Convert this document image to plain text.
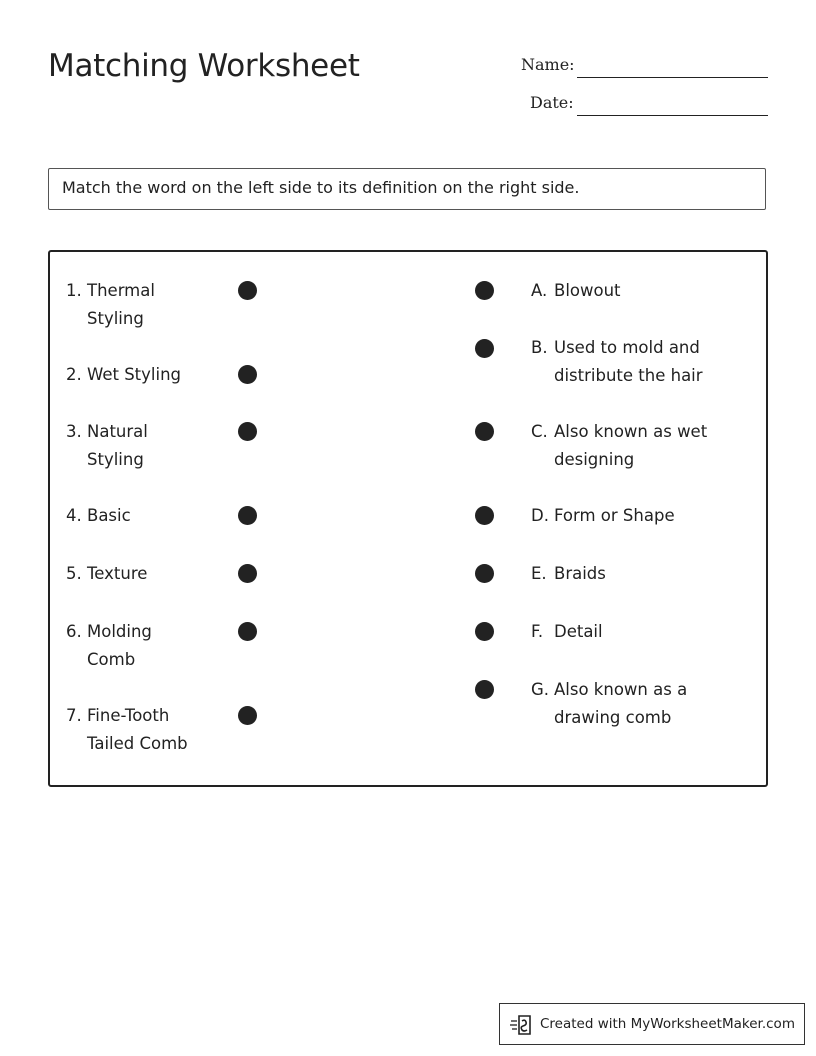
Matching Worksheet	Name:
Date:
Match the word on the left side to its definition on the right side.
1. Thermal
Styling
2. Wet Styling
3. Natural
Styling
4. Basic
5. Texture
6. Molding
Comb
7. Fine-Tooth
Tailed Comb
A. Blowout
B. Used to mold and
distribute the hair
C. Also known as wet
designing
D. Form or Shape
E. Braids
F. Detail
G. Also known as a
drawing comb
Created with MyWorksheetMaker.com
